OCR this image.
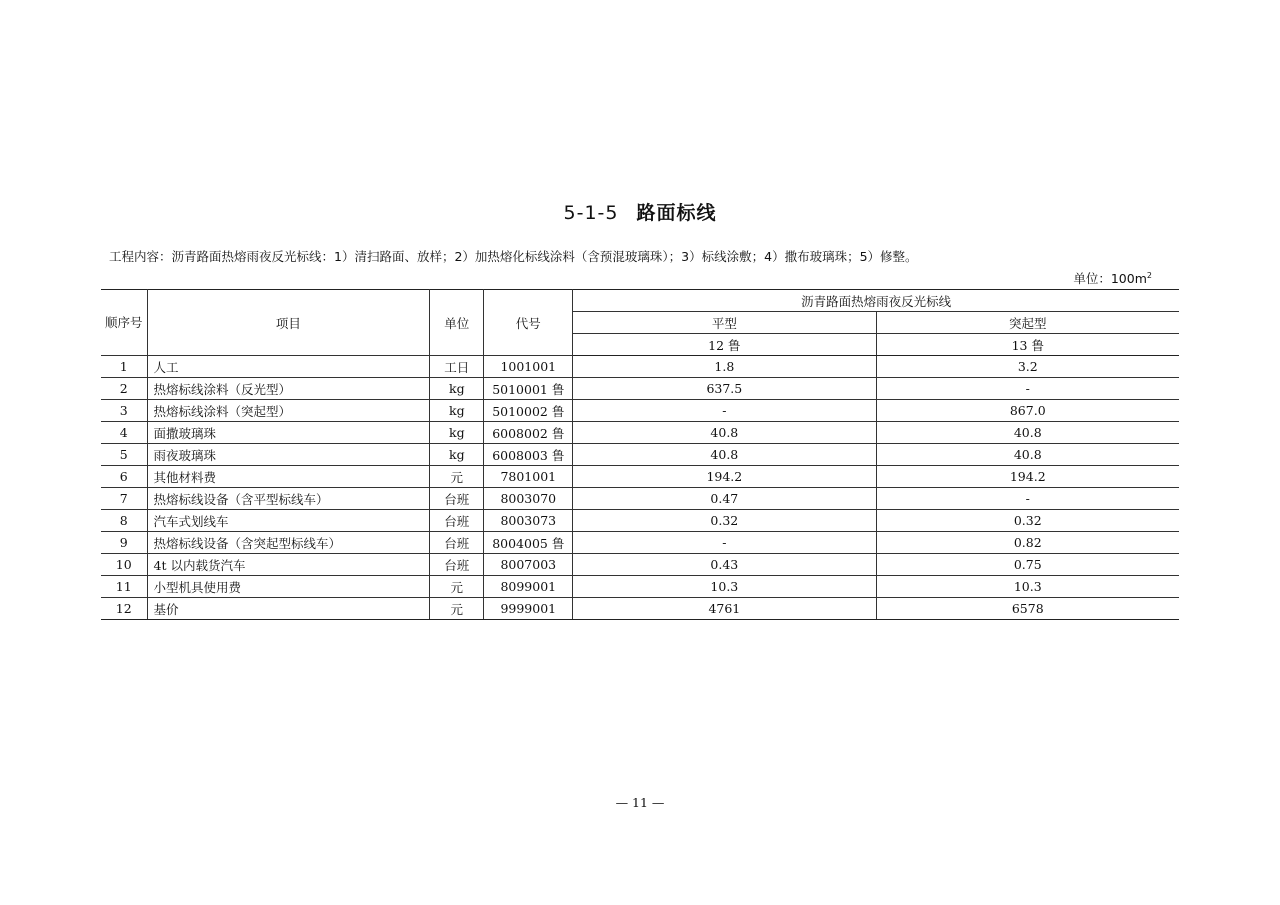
5-1-5 路面标线
工程内容：沥青路面热熔雨夜反光标线：1）清扫路面、放样；2）加热熔化标线涂料（含预混玻璃珠）；3）标线涂敷；4）撒布玻璃珠；5）修整。
单位：$100m^2$
顺序号	项目	单位	代号	沥青路面热熔雨夜反光标线	
				平型	突起型
				12 鲁	13 鲁
1	人工	工日	1001001	1.8	3.2
2	热熔标线涂料（反光型）	kg	5010001 鲁	637.5	-
3	热熔标线涂料（突起型）	kg	5010002 鲁	-	867.0
4	面撒玻璃珠	kg	6008002 鲁	40.8	40.8
5	雨夜玻璃珠	kg	6008003 鲁	40.8	40.8
6	其他材料费	元	7801001	194.2	194.2
7	热熔标线设备（含平型标线车）	台班	8003070	0.47	-
8	汽车式划线车	台班	8003073	0.32	0.32
9	热熔标线设备（含突起型标线车）	台班	8004005 鲁	-	0.82
10	4t 以内载货汽车	台班	8007003	0.43	0.75
11	小型机具使用费	元	8099001	10.3	10.3
12	基价	元	9999001	4761	6578
— 11 —
